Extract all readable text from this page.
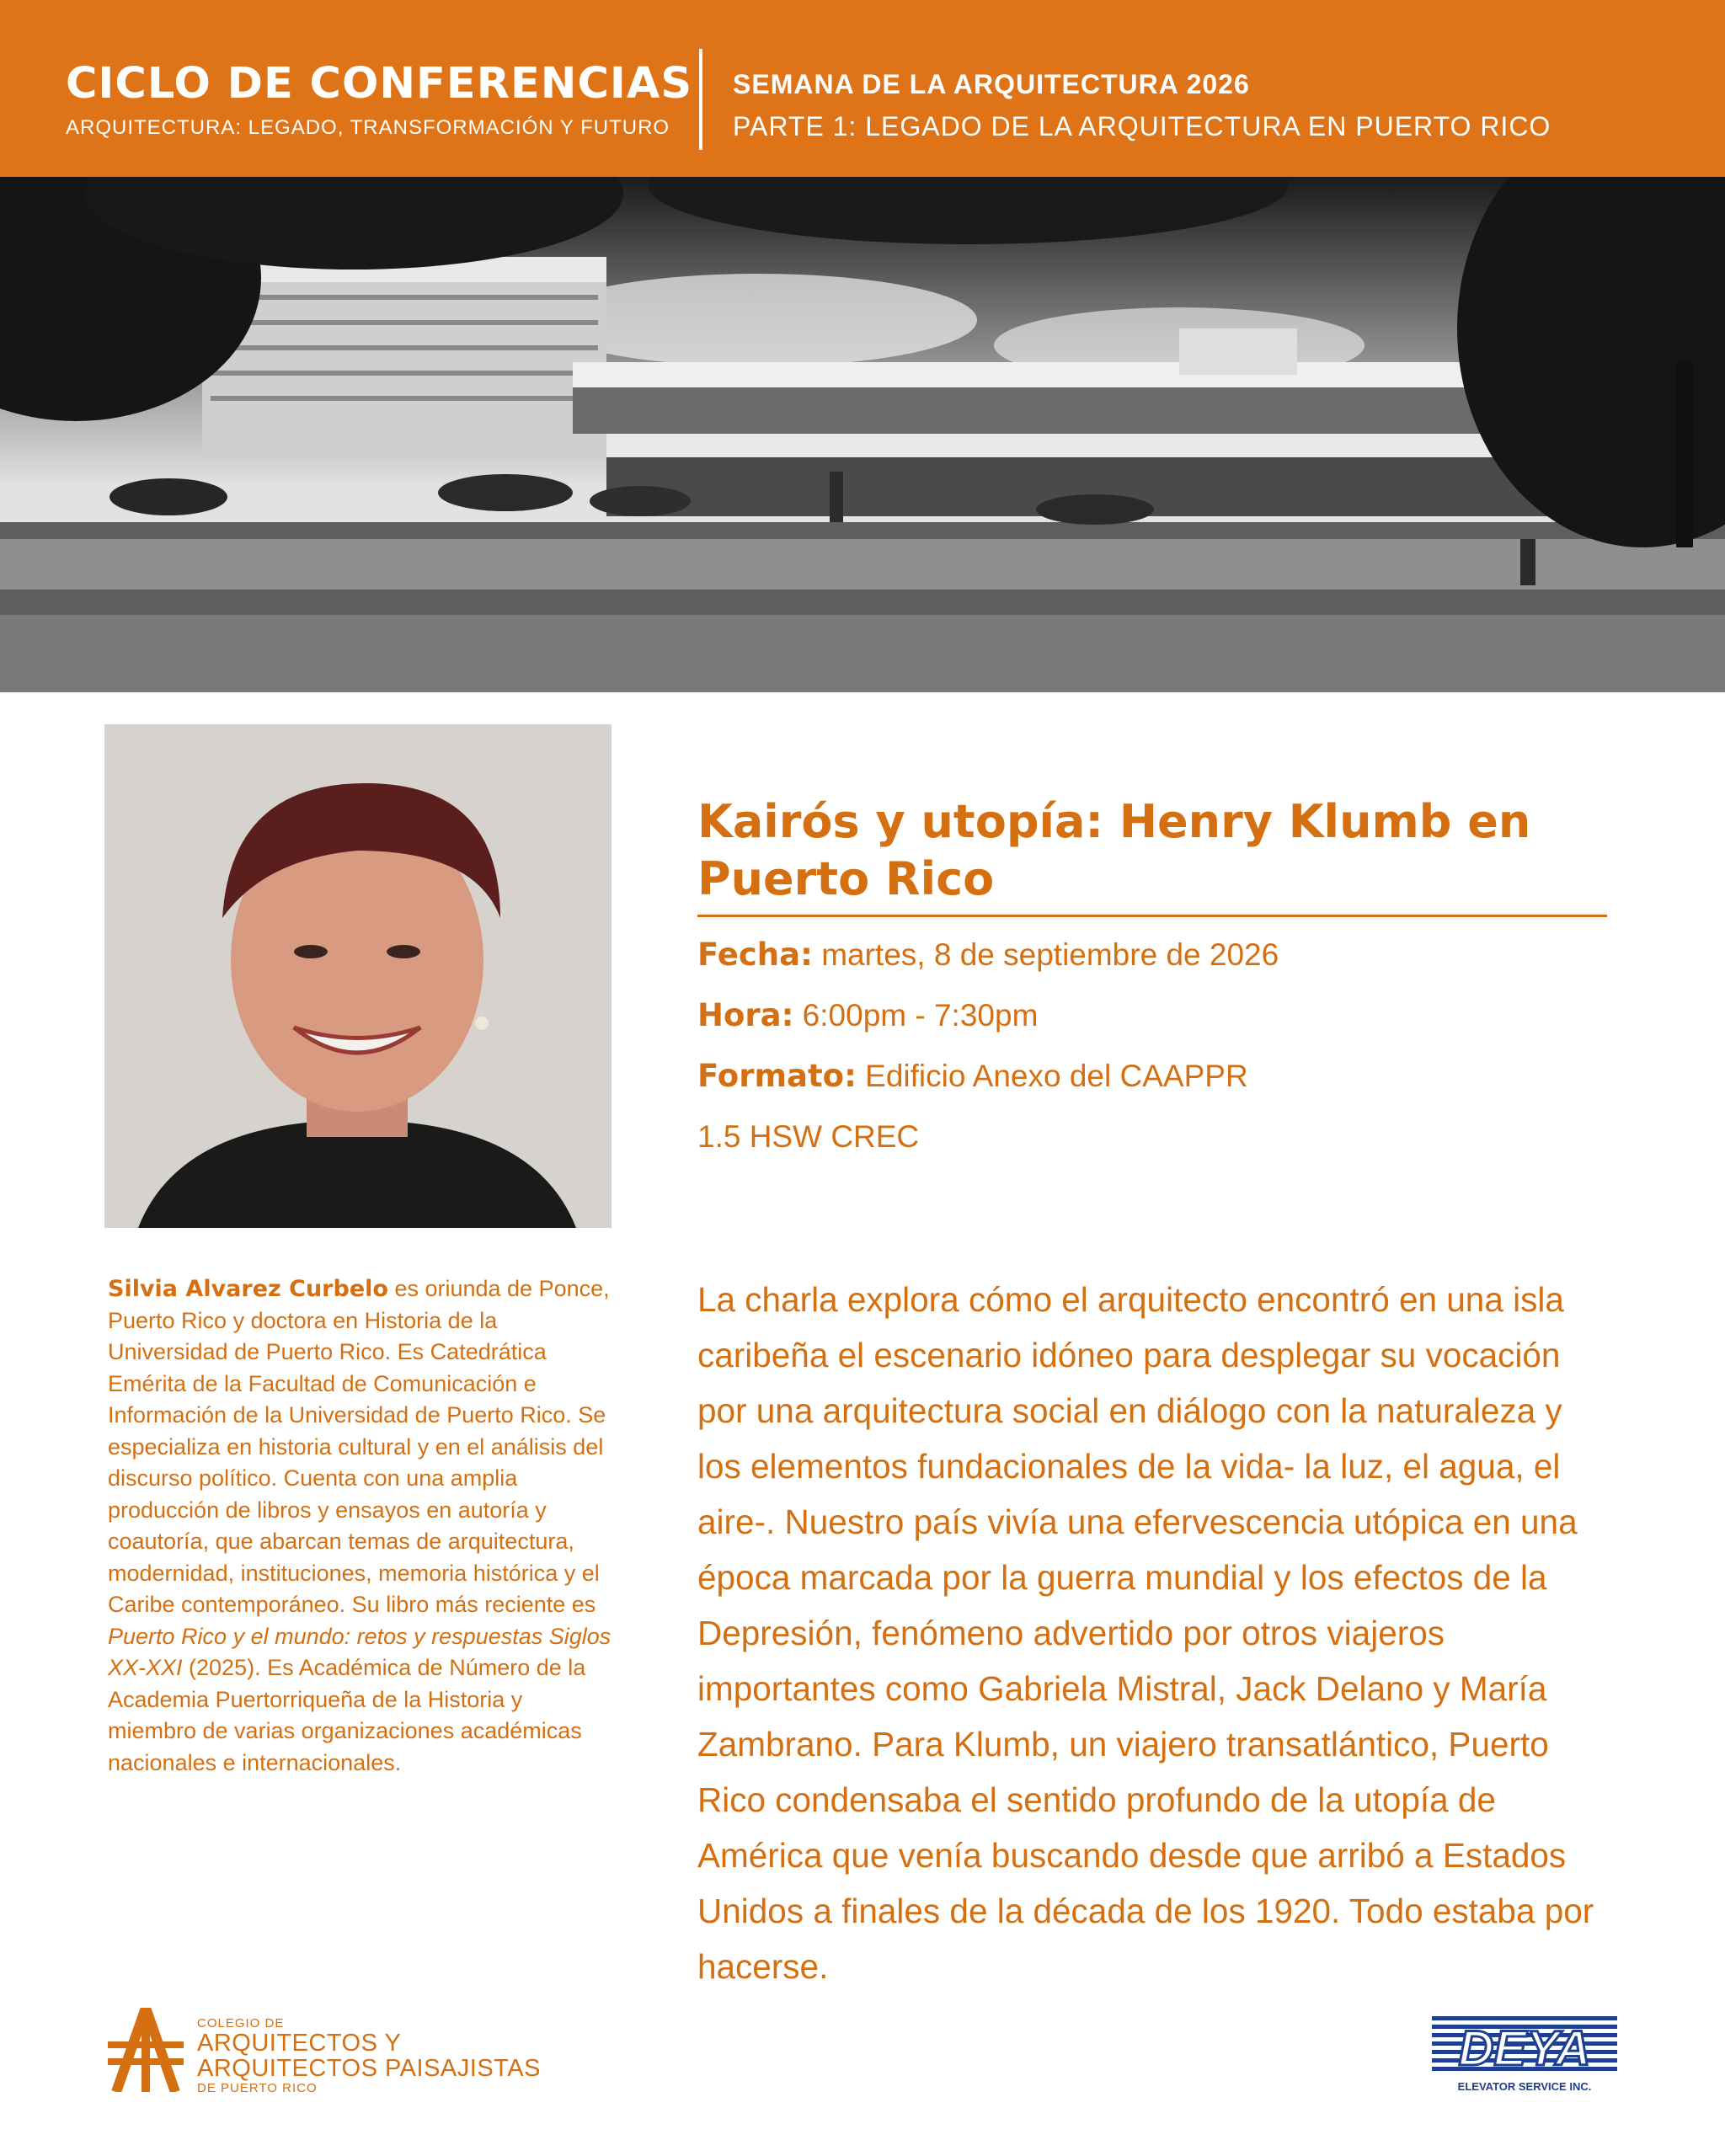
CICLO DE CONFERENCIAS
ARQUITECTURA: LEGADO, TRANSFORMACIÓN Y FUTURO
SEMANA DE LA ARQUITECTURA 2026
PARTE 1: LEGADO DE LA ARQUITECTURA EN PUERTO RICO
Kairós y utopía: Henry Klumb en Puerto Rico
Fecha: martes, 8 de septiembre de 2026
Hora: 6:00pm - 7:30pm
Formato: Edificio Anexo del CAAPPR
1.5 HSW CREC
Silvia Alvarez Curbelo es oriunda de Ponce, Puerto Rico y doctora en Historia de la Universidad de Puerto Rico. Es Catedrática Emérita de la Facultad de Comunicación e Información de la Universidad de Puerto Rico. Se especializa en historia cultural y en el análisis del discurso político. Cuenta con una amplia producción de libros y ensayos en autoría y coautoría, que abarcan temas de arquitectura, modernidad, instituciones, memoria histórica y el Caribe contemporáneo. Su libro más reciente es Puerto Rico y el mundo: retos y respuestas Siglos XX-XXI (2025). Es Académica de Número de la Academia Puertorriqueña de la Historia y miembro de varias organizaciones académicas nacionales e internacionales.
La charla explora cómo el arquitecto encontró en una isla caribeña el escenario idóneo para desplegar su vocación por una arquitectura social en diálogo con la naturaleza y los elementos fundacionales de la vida- la luz, el agua, el aire-. Nuestro país vivía una efervescencia utópica en una época marcada por la guerra mundial y los efectos de la Depresión, fenómeno advertido por otros viajeros importantes como Gabriela Mistral, Jack Delano y María Zambrano. Para Klumb, un viajero transatlántico, Puerto Rico condensaba el sentido profundo de la utopía de América que venía buscando desde que arribó a Estados Unidos a finales de la década de los 1920. Todo estaba por hacerse.
COLEGIO DE
ARQUITECTOS Y
ARQUITECTOS PAISAJISTAS
DE PUERTO RICO
DEYA
ELEVATOR SERVICE INC.
